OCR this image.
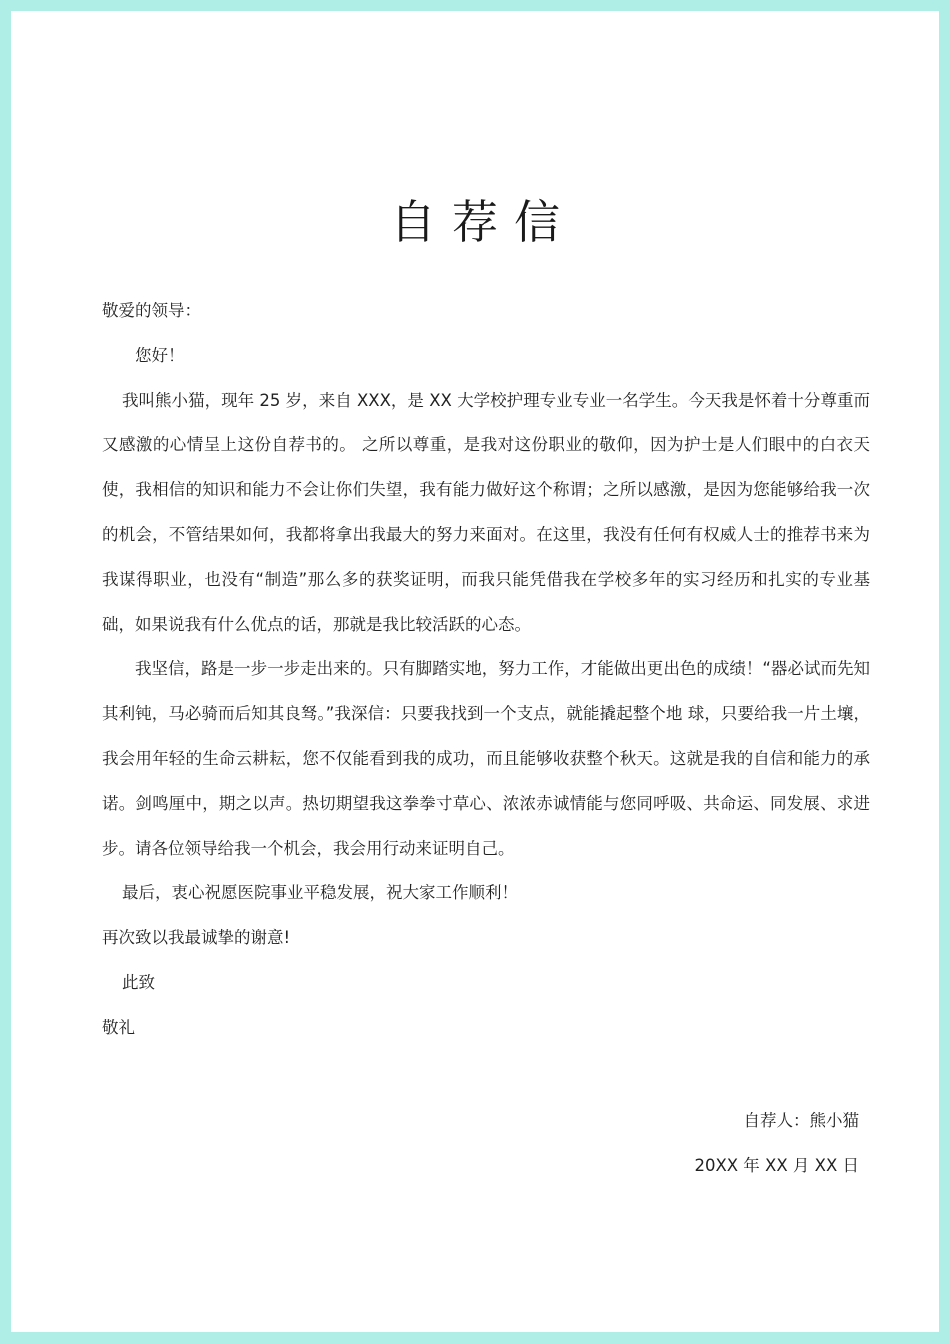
自荐信

敬爱的领导：

您好！

我叫熊小猫，现年 25 岁，来自 XXX，是 XX 大学校护理专业专业一名学生。今天我是怀着十分尊重而又感激的心情呈上这份自荐书的。 之所以尊重，是我对这份职业的敬仰，因为护士是人们眼中的白衣天使，我相信的知识和能力不会让你们失望，我有能力做好这个称谓；之所以感激，是因为您能够给我一次的机会，不管结果如何，我都将拿出我最大的努力来面对。在这里，我没有任何有权威人士的推荐书来为我谋得职业，也没有“制造”那么多的获奖证明，而我只能凭借我在学校多年的实习经历和扎实的专业基础，如果说我有什么优点的话，那就是我比较活跃的心态。

我坚信，路是一步一步走出来的。只有脚踏实地，努力工作，才能做出更出色的成绩！“器必试而先知其利钝，马必骑而后知其良驽。”我深信：只要我找到一个支点，就能撬起整个地 球，只要给我一片土壤，我会用年轻的生命云耕耘，您不仅能看到我的成功，而且能够收获整个秋天。这就是我的自信和能力的承诺。剑鸣厘中，期之以声。热切期望我这拳拳寸草心、浓浓赤诚情能与您同呼吸、共命运、同发展、求进步。请各位领导给我一个机会，我会用行动来证明自己。

最后，衷心祝愿医院事业平稳发展，祝大家工作顺利！

再次致以我最诚挚的谢意!

此致

敬礼

自荐人：熊小猫

20XX 年 XX 月 XX 日
